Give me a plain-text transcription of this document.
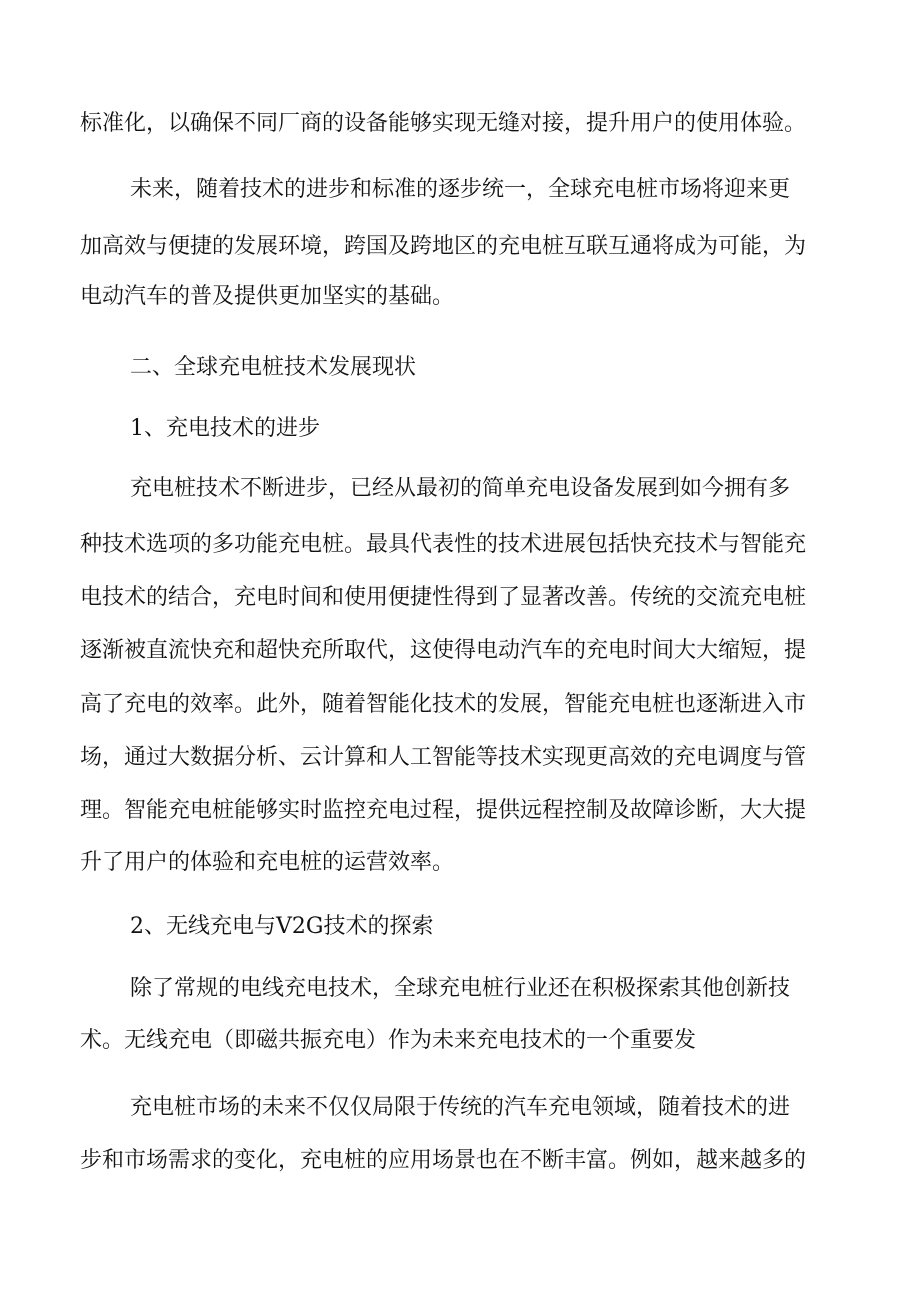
标准化，以确保不同厂商的设备能够实现无缝对接，提升用户的使用体验。
未来，随着技术的进步和标准的逐步统一，全球充电桩市场将迎来更
加高效与便捷的发展环境，跨国及跨地区的充电桩互联互通将成为可能，为
电动汽车的普及提供更加坚实的基础。
二、全球充电桩技术发展现状
1、充电技术的进步
充电桩技术不断进步，已经从最初的简单充电设备发展到如今拥有多
种技术选项的多功能充电桩。最具代表性的技术进展包括快充技术与智能充
电技术的结合，充电时间和使用便捷性得到了显著改善。传统的交流充电桩
逐渐被直流快充和超快充所取代，这使得电动汽车的充电时间大大缩短，提
高了充电的效率。此外，随着智能化技术的发展，智能充电桩也逐渐进入市
场，通过大数据分析、云计算和人工智能等技术实现更高效的充电调度与管
理。智能充电桩能够实时监控充电过程，提供远程控制及故障诊断，大大提
升了用户的体验和充电桩的运营效率。
2、无线充电与V2G技术的探索
除了常规的电线充电技术，全球充电桩行业还在积极探索其他创新技
术。无线充电（即磁共振充电）作为未来充电技术的一个重要发
充电桩市场的未来不仅仅局限于传统的汽车充电领域，随着技术的进
步和市场需求的变化，充电桩的应用场景也在不断丰富。例如，越来越多的
